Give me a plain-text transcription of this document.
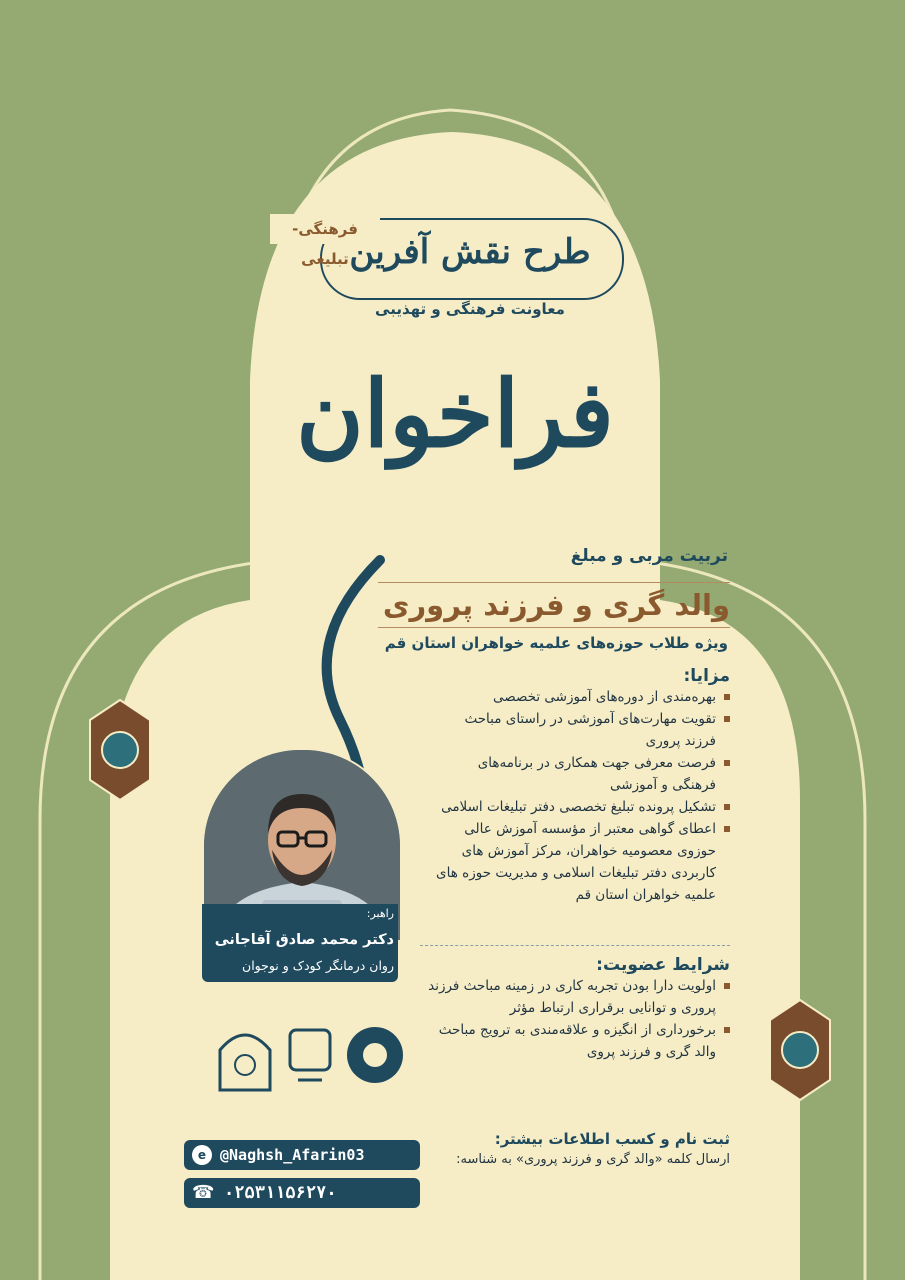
فرهنگی-تبلیغی طرح نقش آفرین
معاونت فرهنگی و تهذیبی
فراخوان
تربیت مربی و مبلغ
والد گری و فرزند پروری
ویژه طلاب حوزه‌های علمیه خواهران استان قم
مزایا:
بهره‌مندی از دوره‌های آموزشی تخصصی
تقویت مهارت‌های آموزشی در راستای مباحث فرزند پروری
فرصت معرفی جهت همکاری در برنامه‌های فرهنگی و آموزشی
تشکیل پرونده تبلیغ تخصصی دفتر تبلیغات اسلامی
اعطای گواهی معتبر از مؤسسه آموزش عالی حوزوی معصومیه خواهران، مرکز آموزش های کاربردی دفتر تبلیغات اسلامی و مدیریت حوزه های علمیه خواهران استان قم
شرایط عضویت:
اولویت دارا بودن تجربه کاری در زمینه مباحث فرزند پروری و توانایی برقراری ارتباط مؤثر
برخورداری از انگیزه و علاقه‌مندی به ترویج مباحث والد گری و فرزند پروی
راهبر:
دکتر محمد صادق آقاجانی
روان درمانگر کودک و نوجوان
ثبت نام و کسب اطلاعات بیشتر:
ارسال کلمه «والد گری و فرزند پروری» به شناسه:
e @Naghsh_Afarin03
☎ ۰۲۵۳۱۱۵۶۲۷۰
